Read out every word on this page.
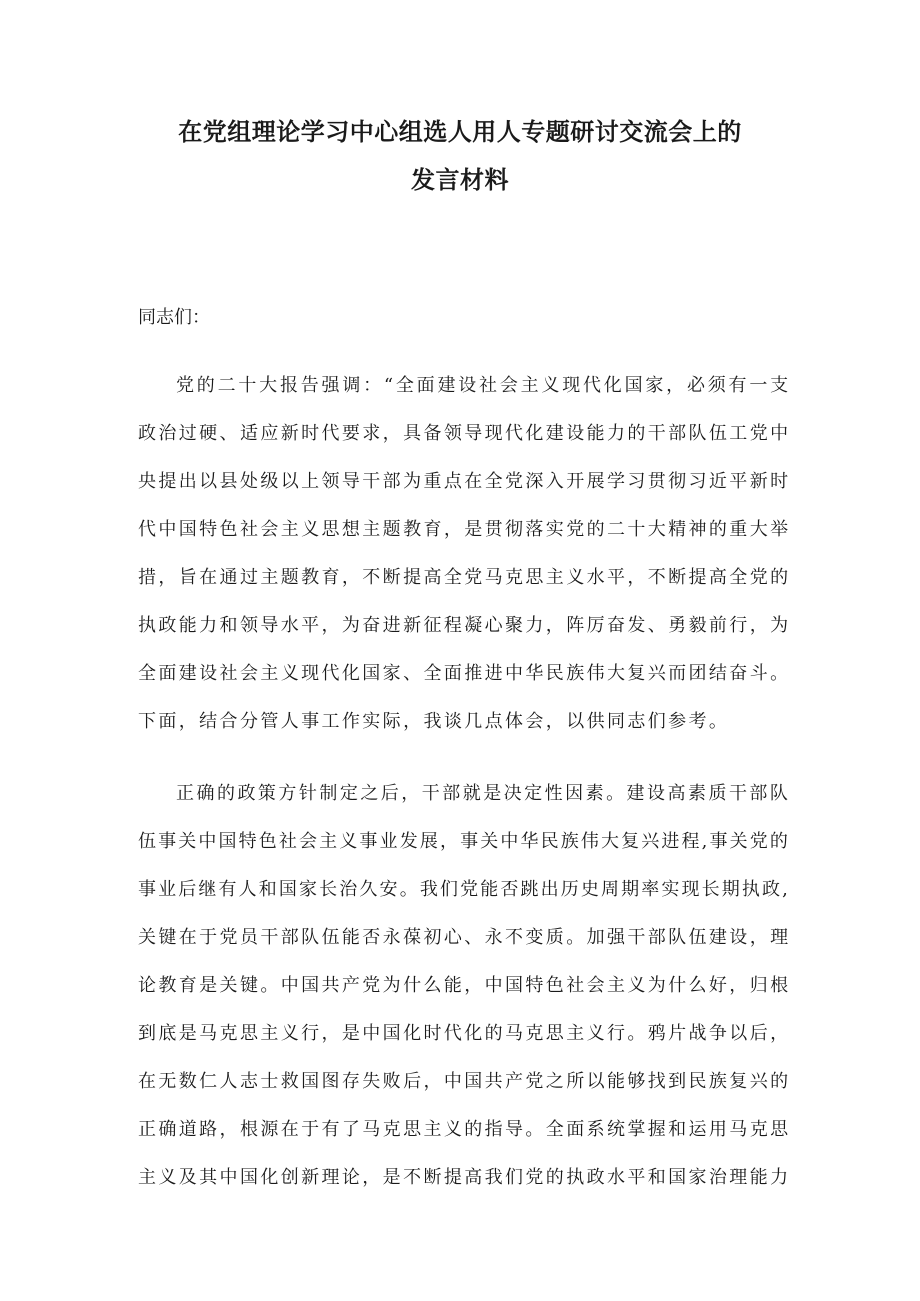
在党组理论学习中心组选人用人专题研讨交流会上的
发言材料
同志们：
党的二十大报告强调：“全面建设社会主义现代化国家，必须有一支
政治过硬、适应新时代要求，具备领导现代化建设能力的干部队伍工党中
央提出以县处级以上领导干部为重点在全党深入开展学习贯彻习近平新时
代中国特色社会主义思想主题教育，是贯彻落实党的二十大精神的重大举
措，旨在通过主题教育，不断提高全党马克思主义水平，不断提高全党的
执政能力和领导水平，为奋进新征程凝心聚力，阵厉奋发、勇毅前行，为
全面建设社会主义现代化国家、全面推进中华民族伟大复兴而团结奋斗。
下面，结合分管人事工作实际，我谈几点体会，以供同志们参考。
正确的政策方针制定之后，干部就是决定性因素。建设高素质干部队
伍事关中国特色社会主义事业发展，事关中华民族伟大复兴进程,事关党的
事业后继有人和国家长治久安。我们党能否跳出历史周期率实现长期执政,
关键在于党员干部队伍能否永葆初心、永不变质。加强干部队伍建设，理
论教育是关键。中国共产党为什么能，中国特色社会主义为什么好，归根
到底是马克思主义行，是中国化时代化的马克思主义行。鸦片战争以后，
在无数仁人志士救国图存失败后，中国共产党之所以能够找到民族复兴的
正确道路，根源在于有了马克思主义的指导。全面系统掌握和运用马克思
主义及其中国化创新理论，是不断提高我们党的执政水平和国家治理能力
